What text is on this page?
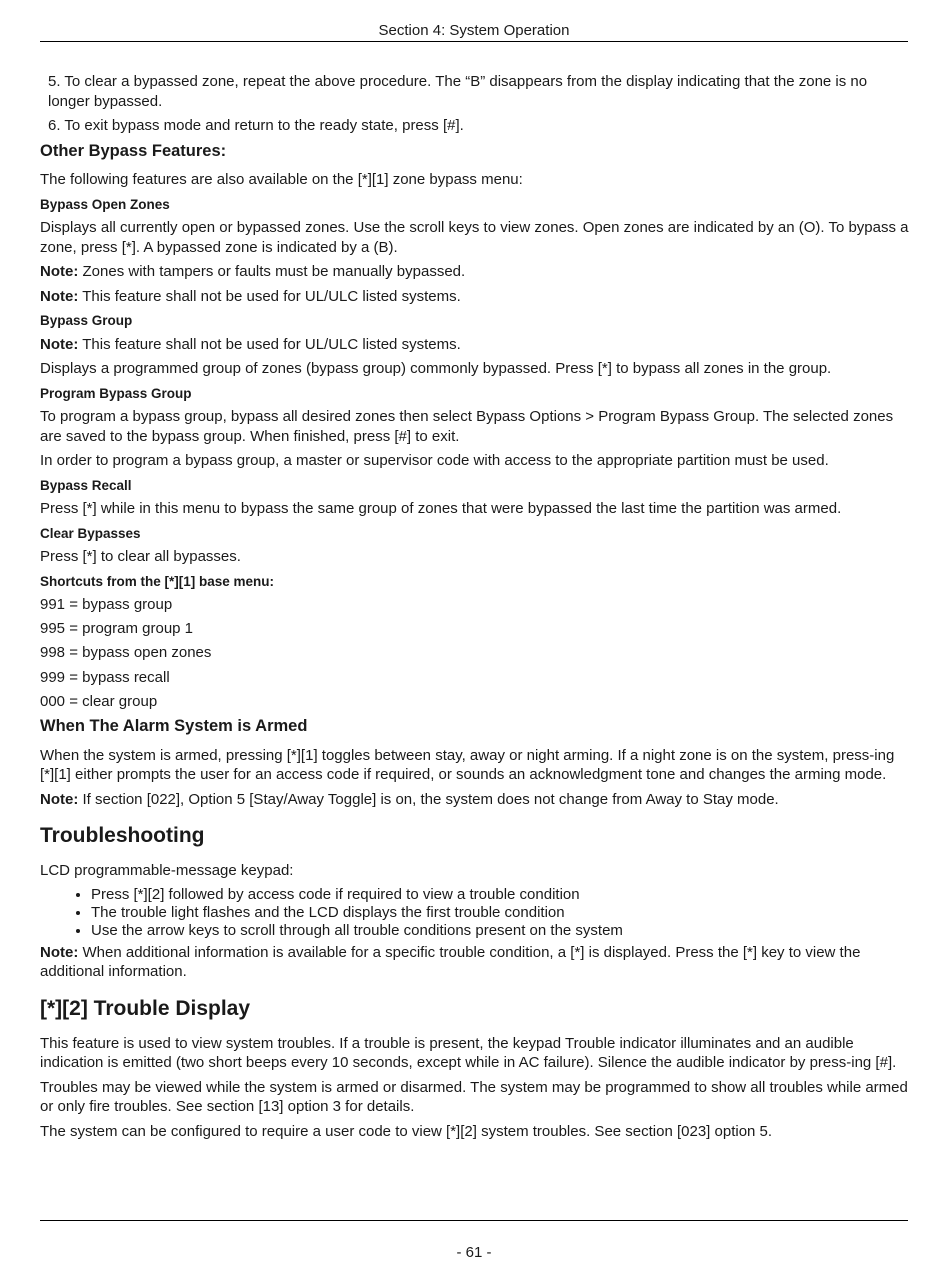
Section 4: System Operation

5. To clear a bypassed zone, repeat the above procedure. The “B” disappears from the display indicating that the zone is no longer bypassed.

6. To exit bypass mode and return to the ready state, press [#].

Other Bypass Features:

The following features are also available on the [*][1] zone bypass menu:

Bypass Open Zones

Displays all currently open or bypassed zones. Use the scroll keys to view zones. Open zones are indicated by an (O). To bypass a zone, press [*]. A bypassed zone is indicated by a (B).

Note: Zones with tampers or faults must be manually bypassed.

Note: This feature shall not be used for UL/ULC listed systems.

Bypass Group

Note: This feature shall not be used for UL/ULC listed systems.

Displays a programmed group of zones (bypass group) commonly bypassed. Press [*] to bypass all zones in the group.

Program Bypass Group

To program a bypass group, bypass all desired zones then select Bypass Options > Program Bypass Group. The selected zones are saved to the bypass group. When finished, press [#] to exit.

In order to program a bypass group, a master or supervisor code with access to the appropriate partition must be used.

Bypass Recall

Press [*] while in this menu to bypass the same group of zones that were bypassed the last time the partition was armed.

Clear Bypasses

Press [*] to clear all bypasses.

Shortcuts from the [*][1] base menu:

991 = bypass group

995 = program group 1

998 = bypass open zones

999 = bypass recall

000 = clear group

When The Alarm System is Armed

When the system is armed, pressing [*][1] toggles between stay, away or night arming. If a night zone is on the system, press-ing [*][1] either prompts the user for an access code if required, or sounds an acknowledgment tone and changes the arming mode.

Note: If section [022], Option 5 [Stay/Away Toggle] is on, the system does not change from Away to Stay mode.

Troubleshooting

LCD programmable-message keypad:

• Press [*][2] followed by access code if required to view a trouble condition
• The trouble light flashes and the LCD displays the first trouble condition
• Use the arrow keys to scroll through all trouble conditions present on the system

Note: When additional information is available for a specific trouble condition, a [*] is displayed. Press the [*] key to view the additional information.

[*][2] Trouble Display

This feature is used to view system troubles. If a trouble is present, the keypad Trouble indicator illuminates and an audible indication is emitted (two short beeps every 10 seconds, except while in AC failure). Silence the audible indicator by press-ing [#].

Troubles may be viewed while the system is armed or disarmed. The system may be programmed to show all troubles while armed or only fire troubles. See section [13] option 3 for details.

The system can be configured to require a user code to view [*][2] system troubles. See section [023] option 5.

- 61 -
